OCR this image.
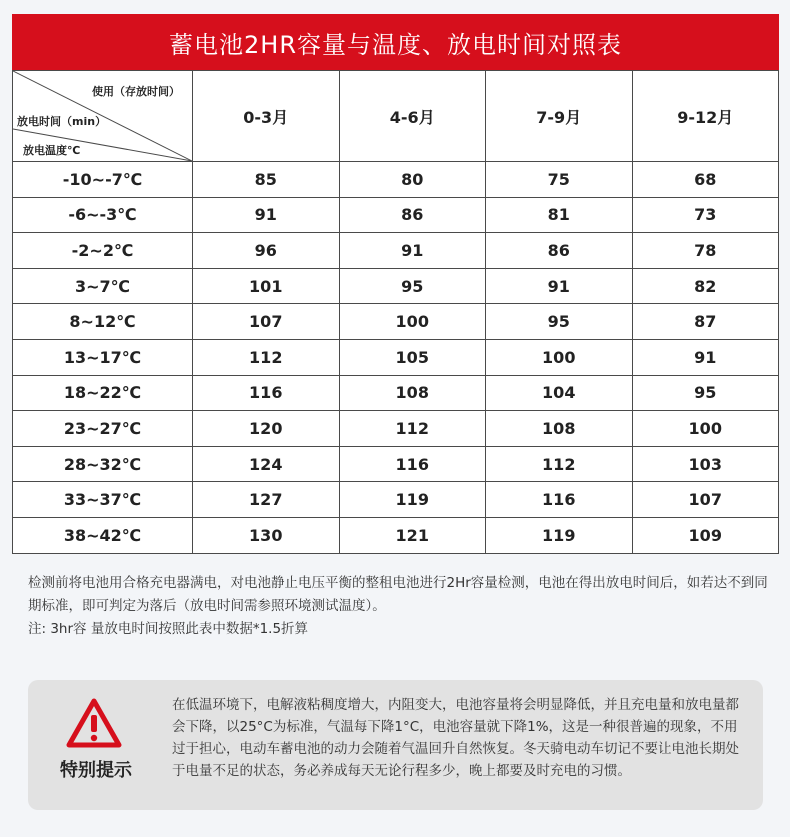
蓄电池2HR容量与温度、放电时间对照表
使用（存放时间）
放电时间（min）
放电温度℃	0-3月	4-6月	7-9月	9-12月
-10~-7℃	85	80	75	68
-6~-3℃	91	86	81	73
-2~2℃	96	91	86	78
3~7℃	101	95	91	82
8~12℃	107	100	95	87
13~17℃	112	105	100	91
18~22℃	116	108	104	95
23~27℃	120	112	108	100
28~32℃	124	116	112	103
33~37℃	127	119	116	107
38~42℃	130	121	119	109

检测前将电池用合格充电器满电，对电池静止电压平衡的整租电池进行2Hr容量检测，电池在得出放电时间后，如若达不到同期标准，即可判定为落后（放电时间需参照环境测试温度）。

注: 3hr容 量放电时间按照此表中数据*1.5折算

特别提示
在低温环境下，电解液粘稠度增大，内阻变大，电池容量将会明显降低，并且充电量和放电量都会下降，以25°C为标准，气温每下降1°C，电池容量就下降1%，这是一种很普遍的现象，不用过于担心，电动车蓄电池的动力会随着气温回升自然恢复。冬天骑电动车切记不要让电池长期处于电量不足的状态，务必养成每天无论行程多少，晚上都要及时充电的习惯。
